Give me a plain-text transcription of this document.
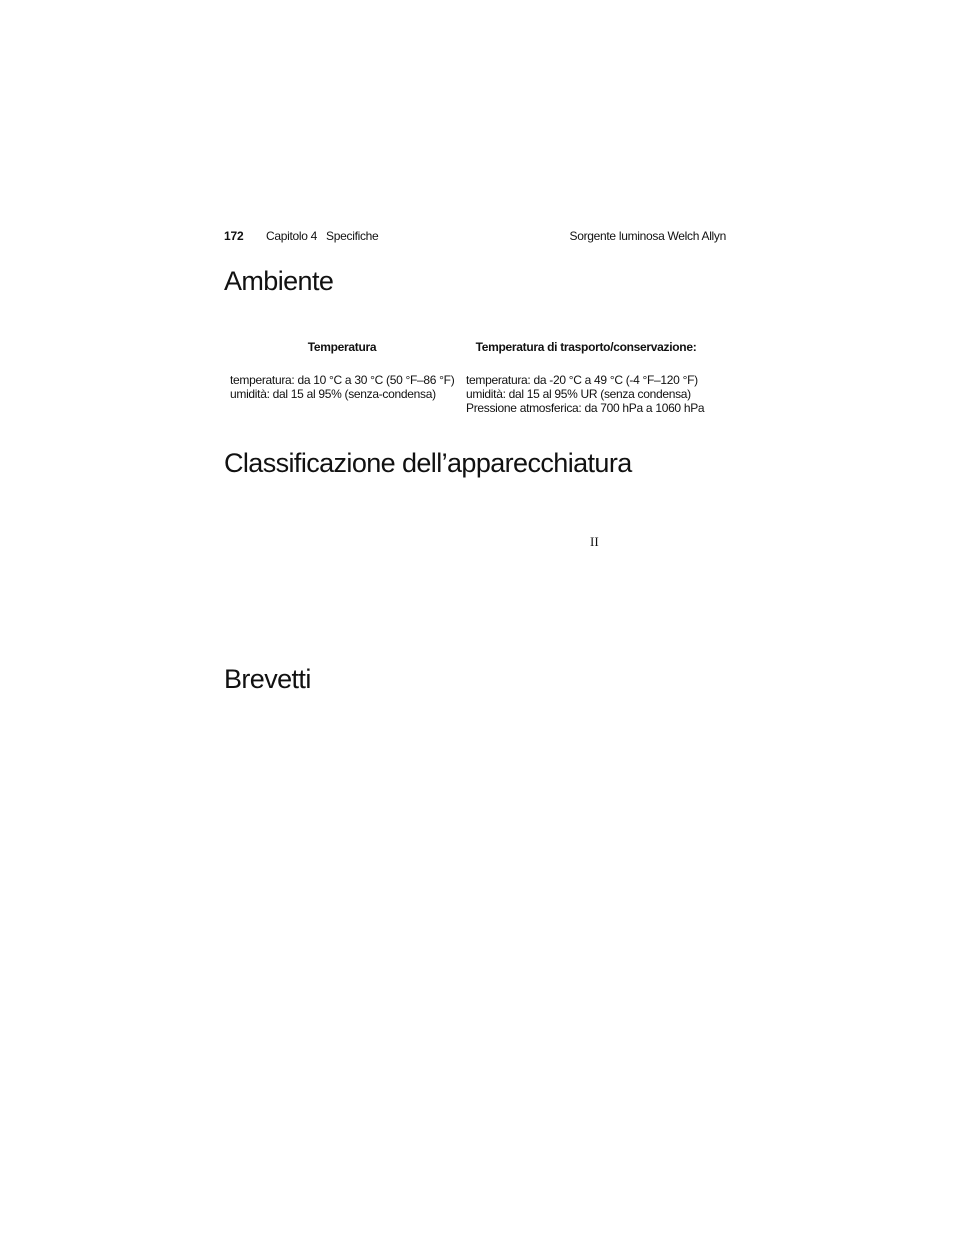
172 Capitolo 4 Specifiche	Sorgente luminosa Welch Allyn
Ambiente
Temperatura	Temperatura di trasporto/conservazione:
temperatura: da 10 °C a 30 °C (50 °F–86 °F)
umidità: dal 15 al 95% (senza-condensa)
temperatura: da -20 °C a 49 °C (-4 °F–120 °F)
umidità: dal 15 al 95% UR (senza condensa)
Pressione atmosferica: da 700 hPa a 1060 hPa
Classificazione dell’apparecchiatura
II
Brevetti
